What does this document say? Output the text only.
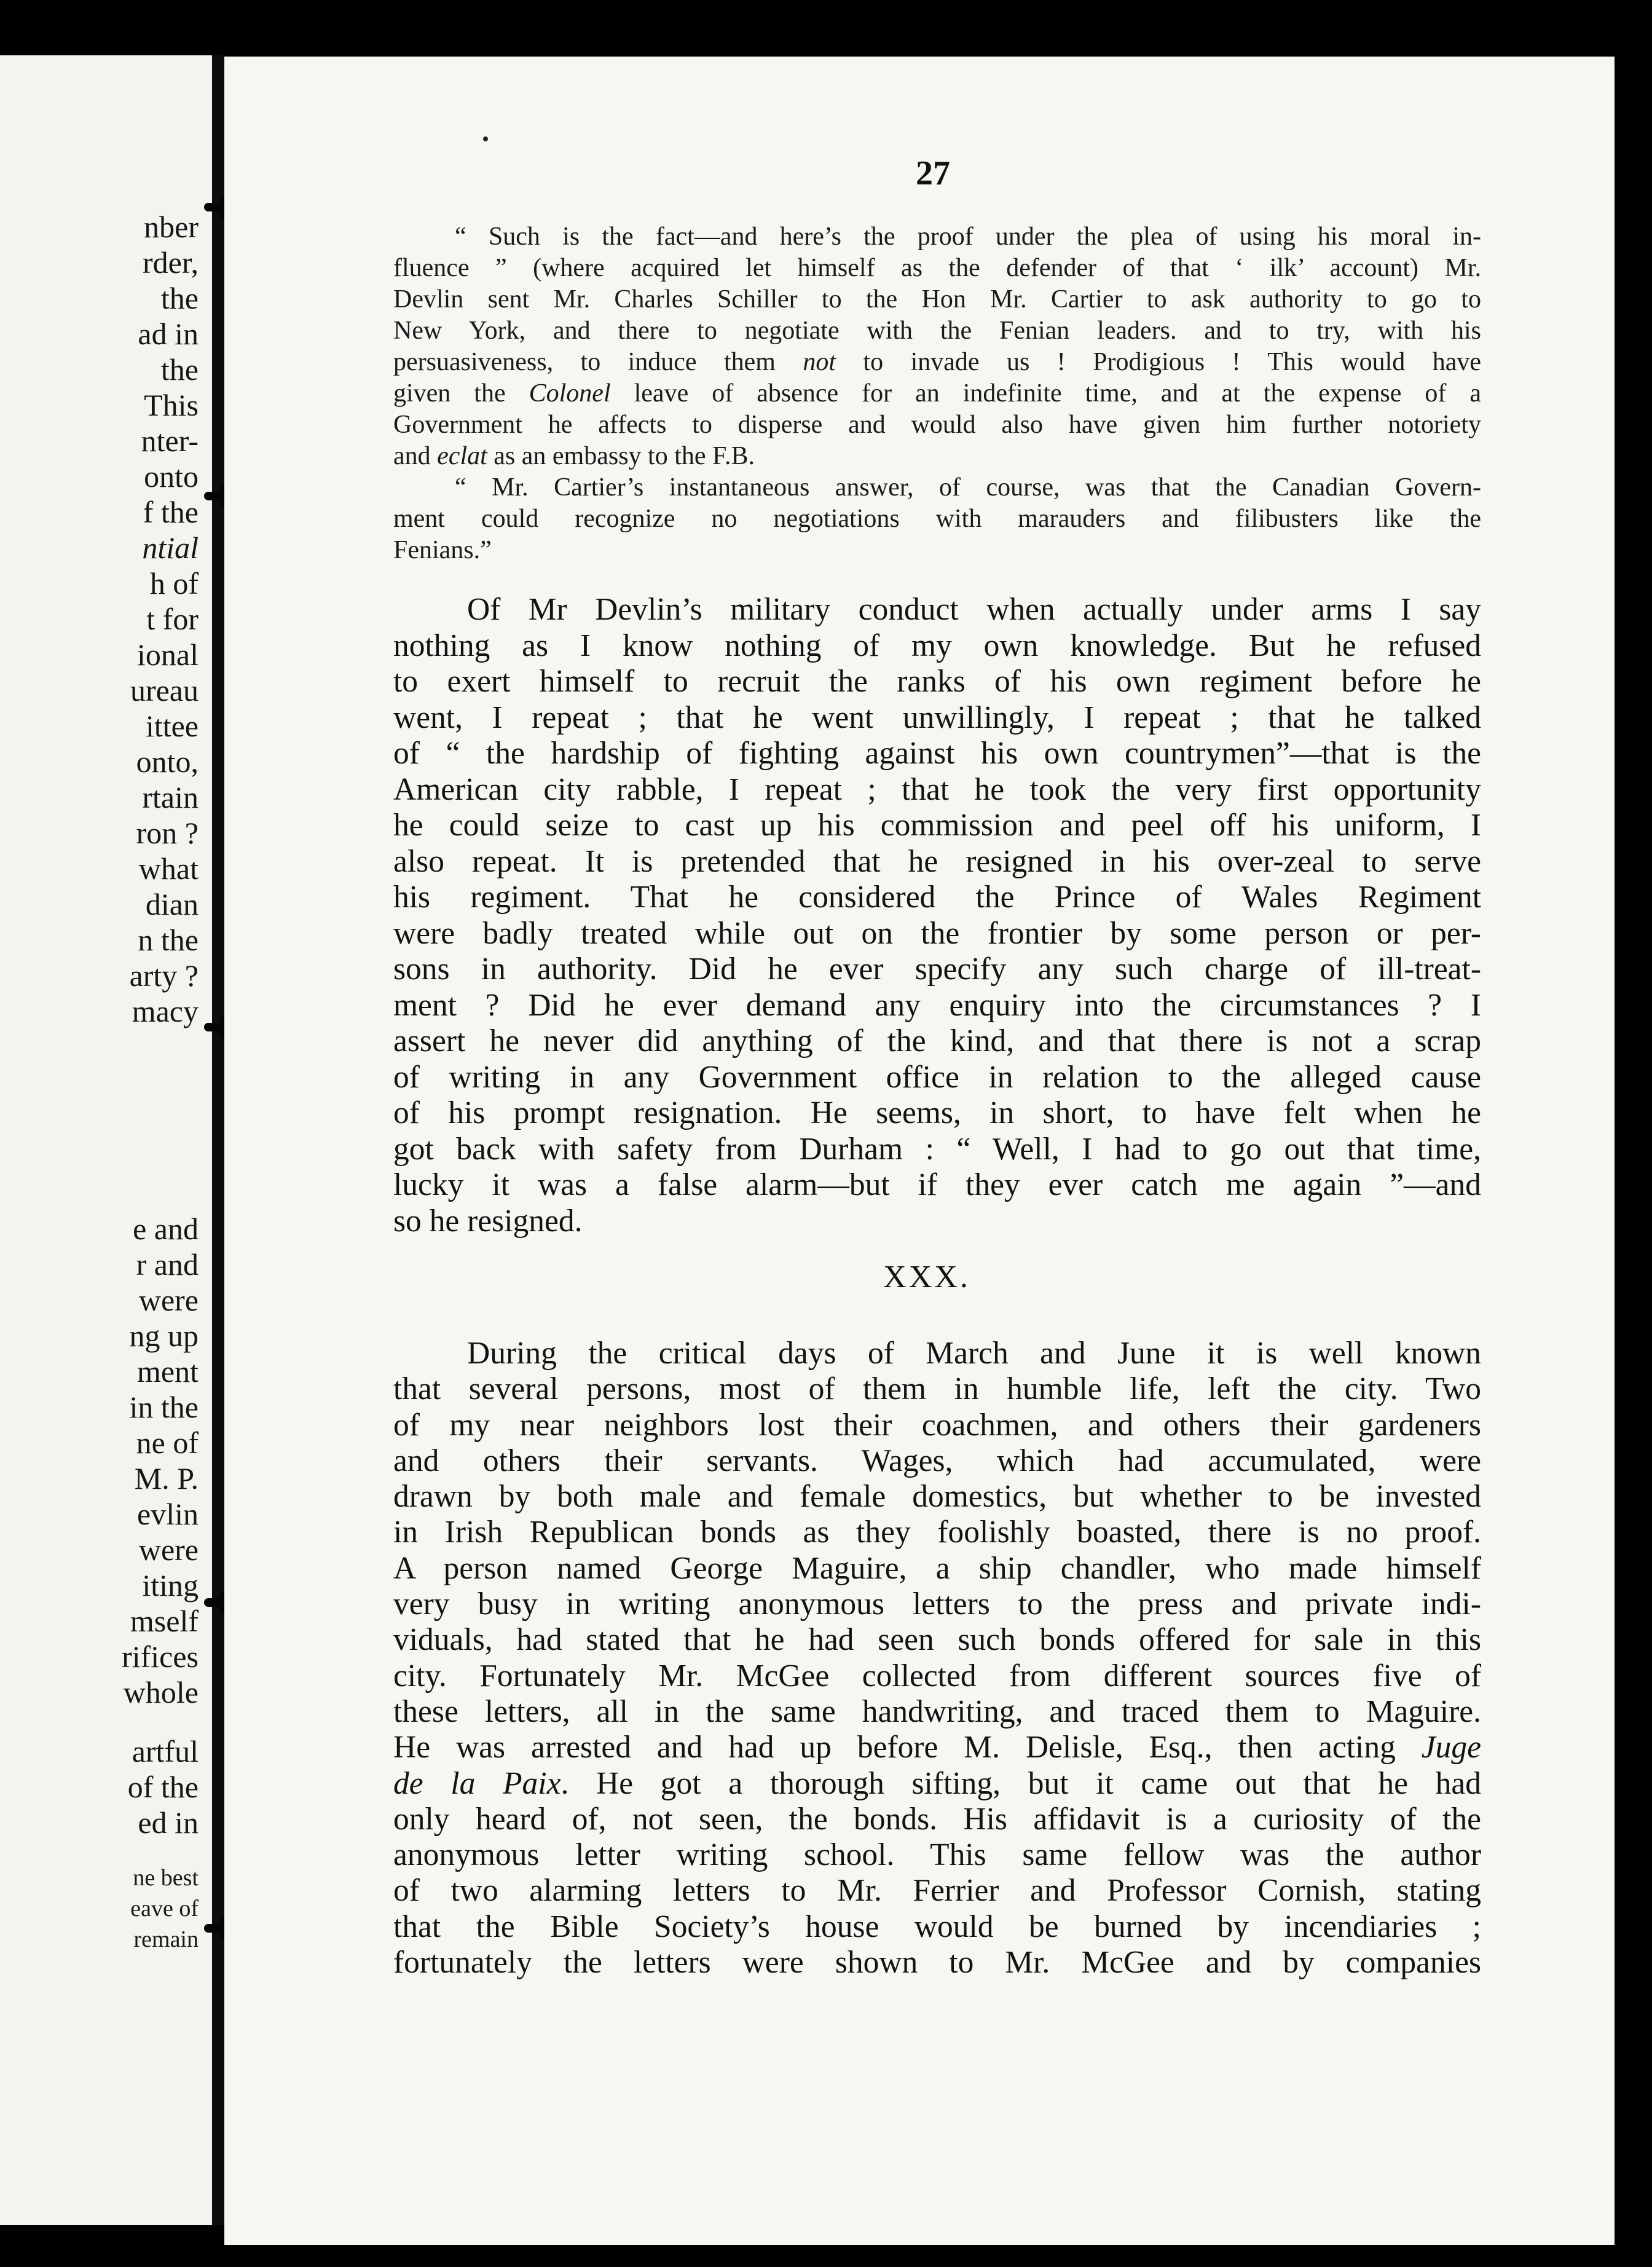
nber
rder,
the
ad in
the
This
nter-
onto
f the
ntial
h of
t for
ional
ureau
ittee
onto,
rtain
ron ?
what
dian
n the
arty ?
macy
e and
r and
were
ng up
ment
in the
ne of
M. P.
evlin
were
iting
mself
rifices
whole
artful
of the
ed in
ne best
eave of
remain
27
“ Such is the fact—and here’s the proof under the plea of using his moral in-
fluence ” (where acquired let himself as the defender of that ‘ ilk’ account) Mr.
Devlin sent Mr. Charles Schiller to the Hon Mr. Cartier to ask authority to go to
New York, and there to negotiate with the Fenian leaders. and to try, with his
persuasiveness, to induce them not to invade us ! Prodigious ! This would have
given the Colonel leave of absence for an indefinite time, and at the expense of a
Government he affects to disperse and would also have given him further notoriety
and eclat as an embassy to the F.B.
“ Mr. Cartier’s instantaneous answer, of course, was that the Canadian Govern-
ment could recognize no negotiations with marauders and filibusters like the
Fenians.”
Of Mr Devlin’s military conduct when actually under arms I say
nothing as I know nothing of my own knowledge. But he refused
to exert himself to recruit the ranks of his own regiment before he
went, I repeat ; that he went unwillingly, I repeat ; that he talked
of “ the hardship of fighting against his own countrymen”—that is the
American city rabble, I repeat ; that he took the very first opportunity
he could seize to cast up his commission and peel off his uniform, I
also repeat. It is pretended that he resigned in his over-zeal to serve
his regiment. That he considered the Prince of Wales Regiment
were badly treated while out on the frontier by some person or per-
sons in authority. Did he ever specify any such charge of ill-treat-
ment ? Did he ever demand any enquiry into the circumstances ? I
assert he never did anything of the kind, and that there is not a scrap
of writing in any Government office in relation to the alleged cause
of his prompt resignation. He seems, in short, to have felt when he
got back with safety from Durham : “ Well, I had to go out that time,
lucky it was a false alarm—but if they ever catch me again ”—and
so he resigned.
XXX.
During the critical days of March and June it is well known
that several persons, most of them in humble life, left the city. Two
of my near neighbors lost their coachmen, and others their gardeners
and others their servants. Wages, which had accumulated, were
drawn by both male and female domestics, but whether to be invested
in Irish Republican bonds as they foolishly boasted, there is no proof.
A person named George Maguire, a ship chandler, who made himself
very busy in writing anonymous letters to the press and private indi-
viduals, had stated that he had seen such bonds offered for sale in this
city. Fortunately Mr. McGee collected from different sources five of
these letters, all in the same handwriting, and traced them to Maguire.
He was arrested and had up before M. Delisle, Esq., then acting Juge
de la Paix. He got a thorough sifting, but it came out that he had
only heard of, not seen, the bonds. His affidavit is a curiosity of the
anonymous letter writing school. This same fellow was the author
of two alarming letters to Mr. Ferrier and Professor Cornish, stating
that the Bible Society’s house would be burned by incendiaries ;
fortunately the letters were shown to Mr. McGee and by companies
